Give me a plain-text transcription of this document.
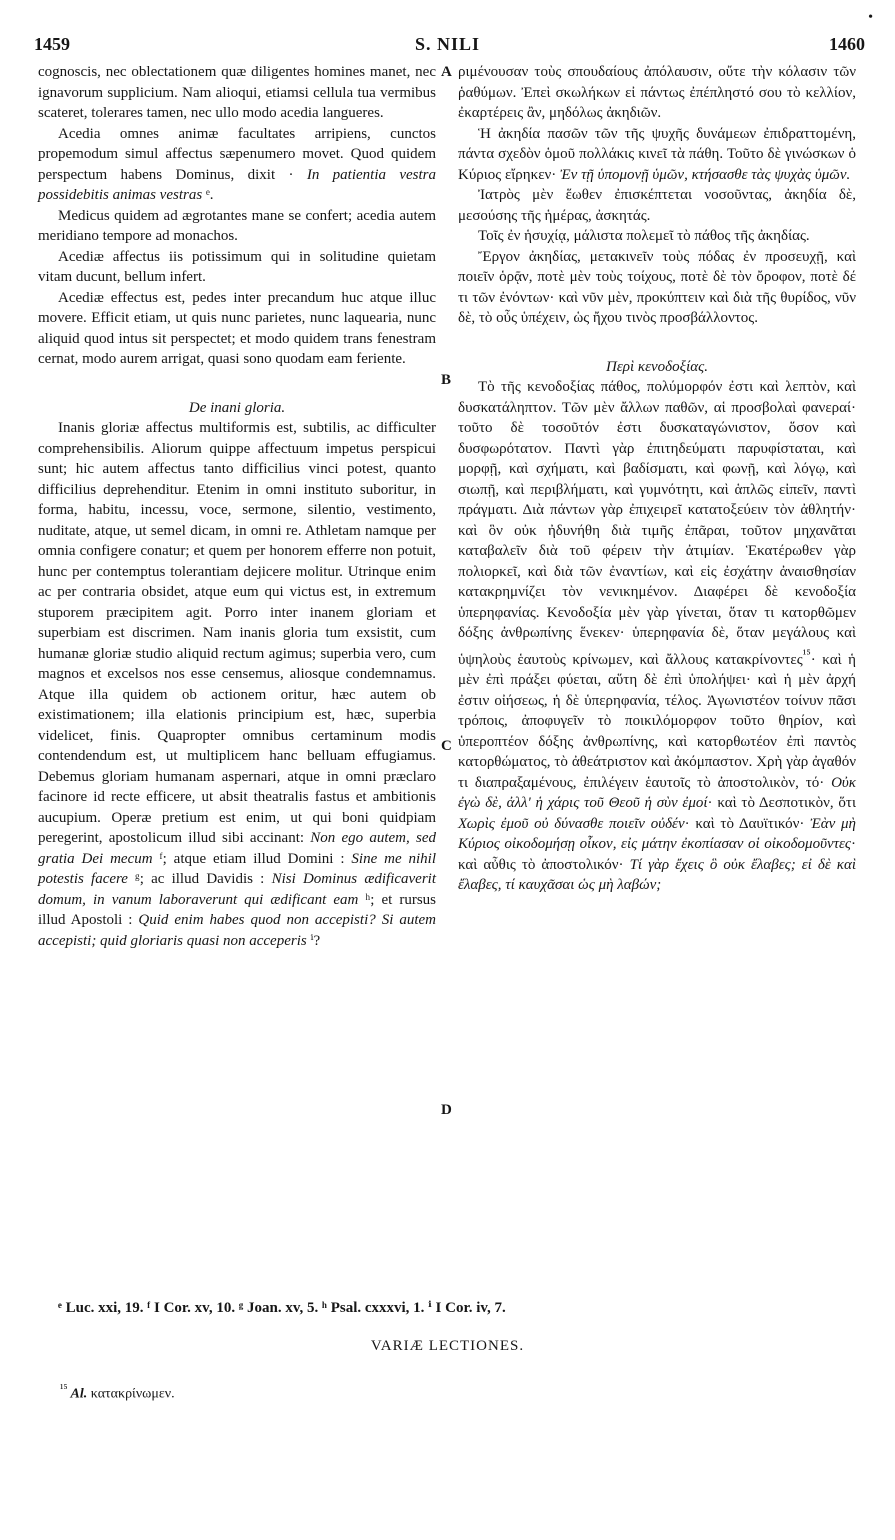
1459	S. NILI	1460
•
A
B
C
D

cognoscis, nec oblectationem quæ diligentes homines manet, nec ignavorum supplicium. Nam alioqui, etiamsi cellula tua vermibus scateret, tolerares tamen, nec ullo modo acedia langueres.

Acedia omnes animæ facultates arripiens, cunctos propemodum simul affectus sæpenumero movet. Quod quidem perspectum habens Dominus, dixit · In patientia vestra possidebitis animas vestras ᵉ.

Medicus quidem ad ægrotantes mane se confert; acedia autem meridiano tempore ad monachos.

Acediæ affectus iis potissimum qui in solitudine quietam vitam ducunt, bellum infert.

Acediæ effectus est, pedes inter precandum huc atque illuc movere. Efficit etiam, ut quis nunc parietes, nunc laquearia, nunc aliquid quod intus sit perspectet; et modo quidem trans fenestram cernat, modo aurem arrigat, quasi sono quodam eam feriente.

De inani gloria.

Inanis gloriæ affectus multiformis est, subtilis, ac difficulter comprehensibilis. Aliorum quippe affectuum impetus perspicui sunt; hic autem affectus tanto difficilius vinci potest, quanto difficilius deprehenditur. Etenim in omni instituto suboritur, in forma, habitu, incessu, voce, sermone, silentio, vestimento, nuditate, atque, ut semel dicam, in omni re. Athletam namque per omnia configere conatur; et quem per honorem efferre non potuit, hunc per contemptus tolerantiam dejicere molitur. Utrinque enim ac per contraria obsidet, atque eum qui victus est, in extremum stuporem præcipitem agit. Porro inter inanem gloriam et superbiam est discrimen. Nam inanis gloria tum exsistit, cum humanæ gloriæ studio aliquid rectum agimus; superbia vero, cum magnos et excelsos nos esse censemus, aliosque condemnamus. Atque illa quidem ob actionem oritur, hæc autem ob existimationem; illa elationis principium est, hæc, superbia videlicet, finis. Quapropter omnibus certaminum modis contendendum est, ut multiplicem hanc belluam effugiamus. Debemus gloriam humanam aspernari, atque in omni præclaro facinore id recte efficere, ut absit theatralis fastus et ambitionis aucupium. Operæ pretium est enim, ut qui boni quidpiam peregerint, apostolicum illud sibi accinant: Non ego autem, sed gratia Dei mecum ᶠ; atque etiam illud Domini : Sine me nihil potestis facere ᵍ; ac illud Davidis : Nisi Dominus ædificaverit domum, in vanum laboraverunt qui ædificant eam ʰ; et rursus illud Apostoli : Quid enim habes quod non accepisti? Si autem accepisti; quid gloriaris quasi non acceperis ⁱ?

ριμένουσαν τοὺς σπουδαίους ἀπόλαυσιν, οὔτε τὴν κόλασιν τῶν ῥαθύμων. Ἐπεὶ σκωλήκων εἰ πάντως ἐπέπληστό σου τὸ κελλίον, ἐκαρτέρεις ἂν, μηδόλως ἀκηδιῶν.

Ἡ ἀκηδία πασῶν τῶν τῆς ψυχῆς δυνάμεων ἐπιδραττομένη, πάντα σχεδὸν ὁμοῦ πολλάκις κινεῖ τὰ πάθη. Τοῦτο δὲ γινώσκων ὁ Κύριος εἴρηκεν· Ἐν τῇ ὑπομονῇ ὑμῶν, κτήσασθε τὰς ψυχὰς ὑμῶν.

Ἰατρὸς μὲν ἕωθεν ἐπισκέπτεται νοσοῦντας, ἀκηδία δὲ, μεσούσης τῆς ἡμέρας, ἀσκητάς.

Τοῖς ἐν ἡσυχίᾳ, μάλιστα πολεμεῖ τὸ πάθος τῆς ἀκηδίας.

Ἔργον ἀκηδίας, μετακινεῖν τοὺς πόδας ἐν προσευχῇ, καὶ ποιεῖν ὁρᾷν, ποτὲ μὲν τοὺς τοίχους, ποτὲ δὲ τὸν ὄροφον, ποτὲ δέ τι τῶν ἐνόντων· καὶ νῦν μὲν, προκύπτειν καὶ διὰ τῆς θυρίδος, νῦν δὲ, τὸ οὖς ὑπέχειν, ὡς ἤχου τινὸς προσβάλλοντος.

Περὶ κενοδοξίας.

Τὸ τῆς κενοδοξίας πάθος, πολύμορφόν ἐστι καὶ λεπτὸν, καὶ δυσκατάληπτον. Τῶν μὲν ἄλλων παθῶν, αἱ προσβολαὶ φανεραί· τοῦτο δὲ τοσοῦτόν ἐστι δυσκαταγώνιστον, ὅσον καὶ δυσφωρότατον. Παντὶ γὰρ ἐπιτηδεύματι παρυφίσταται, καὶ μορφῇ, καὶ σχήματι, καὶ βαδίσματι, καὶ φωνῇ, καὶ λόγῳ, καὶ σιωπῇ, καὶ περιβλήματι, καὶ γυμνότητι, καὶ ἁπλῶς εἰπεῖν, παντὶ πράγματι. Διὰ πάντων γὰρ ἐπιχειρεῖ κατατοξεύειν τὸν ἀθλητήν· καὶ ὃν οὐκ ἠδυνήθη διὰ τιμῆς ἐπᾶραι, τοῦτον μηχανᾶται καταβαλεῖν διὰ τοῦ φέρειν τὴν ἀτιμίαν. Ἑκατέρωθεν γὰρ πολιορκεῖ, καὶ διὰ τῶν ἐναντίων, καὶ εἰς ἐσχάτην ἀναισθησίαν κατακρημνίζει τὸν νενικημένον. Διαφέρει δὲ κενοδοξία ὑπερηφανίας. Κενοδοξία μὲν γὰρ γίνεται, ὅταν τι κατορθῶμεν δόξης ἀνθρωπίνης ἕνεκεν· ὑπερηφανία δὲ, ὅταν μεγάλους καὶ ὑψηλοὺς ἑαυτοὺς κρίνωμεν, καὶ ἄλλους κατακρίνοντες$^{^{15}}$· καὶ ἡ μὲν ἐπὶ πράξει φύεται, αὕτη δὲ ἐπὶ ὑπολήψει· καὶ ἡ μὲν ἀρχή ἐστιν οἰήσεως, ἡ δὲ ὑπερηφανία, τέλος. Ἀγωνιστέον τοίνυν πᾶσι τρόποις, ἀποφυγεῖν τὸ ποικιλόμορφον τοῦτο θηρίον, καὶ ὑπεροπτέον δόξης ἀνθρωπίνης, καὶ κατορθωτέον ἐπὶ παντὸς κατορθώματος, τὸ ἀθεάτριστον καὶ ἀκόμπαστον. Χρὴ γὰρ ἀγαθόν τι διαπραξαμένους, ἐπιλέγειν ἑαυτοῖς τὸ ἀποστολικὸν, τό· Οὐκ ἐγὼ δὲ, ἀλλ' ἡ χάρις τοῦ Θεοῦ ἡ σὺν ἐμοί· καὶ τὸ Δεσποτικὸν, ὅτι Χωρὶς ἐμοῦ οὐ δύνασθε ποιεῖν οὐδέν· καὶ τὸ Δαυϊτικόν· Ἐὰν μὴ Κύριος οἰκοδομήσῃ οἶκον, εἰς μάτην ἐκοπίασαν οἱ οἰκοδομοῦντες· καὶ αὖθις τὸ ἀποστολικόν· Τί γὰρ ἔχεις ὃ οὐκ ἔλαβες; εἰ δὲ καὶ ἔλαβες, τί καυχᾶσαι ὡς μὴ λαβών;

ᵉ Luc. xxi, 19. ᶠ I Cor. xv, 10. ᵍ Joan. xv, 5. ʰ Psal. cxxxvi, 1. ⁱ I Cor. iv, 7.
VARIÆ LECTIONES.
$^{^{15}}$ Al. κατακρίνωμεν.
